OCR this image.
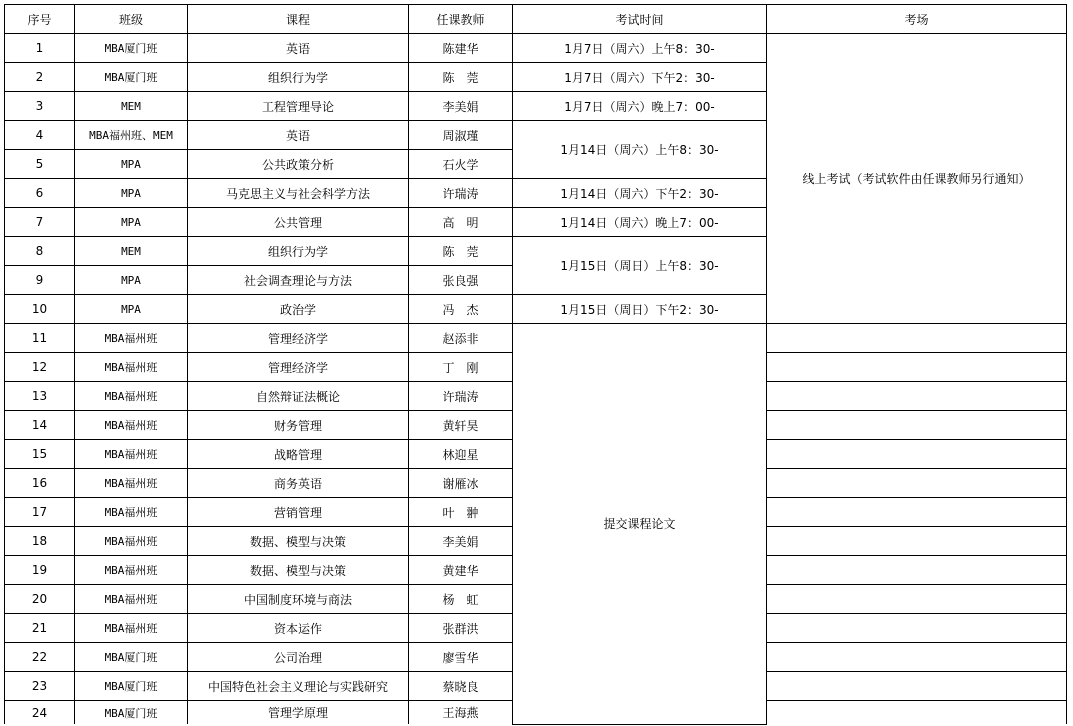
序号	班级	课程	任课教师	考试时间	考场
1	MBA厦门班	英语	陈建华	1月7日（周六）上午8：30-	线上考试（考试软件由任课教师另行通知）
2	MBA厦门班	组织行为学	陈　莞	1月7日（周六）下午2：30-	
3	MEM	工程管理导论	李美娟	1月7日（周六）晚上7：00-	
4	MBA福州班、MEM	英语	周淑瑾	1月14日（周六）上午8：30-	
5	MPA	公共政策分析	石火学		
6	MPA	马克思主义与社会科学方法	许瑞涛	1月14日（周六）下午2：30-	
7	MPA	公共管理	高　明	1月14日（周六）晚上7：00-	
8	MEM	组织行为学	陈　莞	1月15日（周日）上午8：30-	
9	MPA	社会调查理论与方法	张良强		
10	MPA	政治学	冯　杰	1月15日（周日）下午2：30-	
11	MBA福州班	管理经济学	赵添非	提交课程论文	
12	MBA福州班	管理经济学	丁　刚		
13	MBA福州班	自然辩证法概论	许瑞涛		
14	MBA福州班	财务管理	黄轩昊		
15	MBA福州班	战略管理	林迎星		
16	MBA福州班	商务英语	谢雁冰		
17	MBA福州班	营销管理	叶　翀		
18	MBA福州班	数据、模型与决策	李美娟		
19	MBA福州班	数据、模型与决策	黄建华		
20	MBA福州班	中国制度环境与商法	杨　虹		
21	MBA福州班	资本运作	张群洪		
22	MBA厦门班	公司治理	廖雪华		
23	MBA厦门班	中国特色社会主义理论与实践研究	蔡晓良		
24	MBA厦门班	管理学原理	王海燕		
